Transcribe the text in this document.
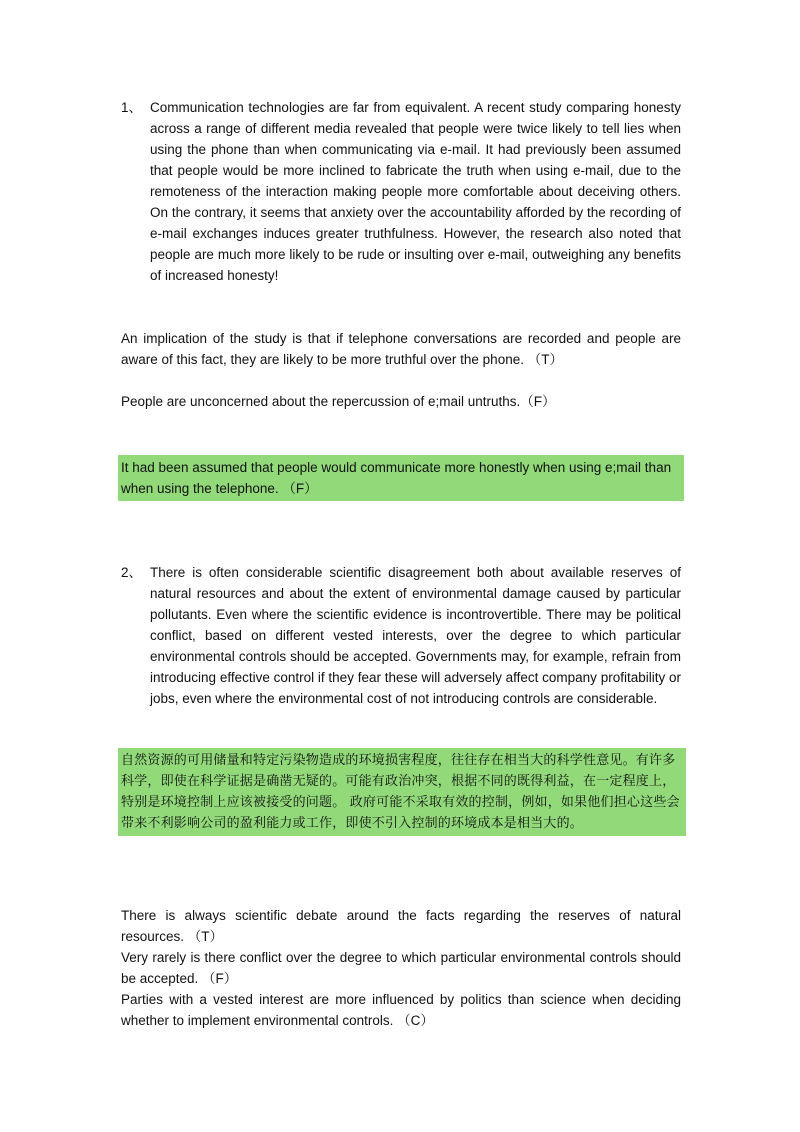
1、 Communication technologies are far from equivalent. A recent study comparing honesty across a range of different media revealed that people were twice likely to tell lies when using the phone than when communicating via e-mail. It had previously been assumed that people would be more inclined to fabricate the truth when using e-mail, due to the remoteness of the interaction making people more comfortable about deceiving others. On the contrary, it seems that anxiety over the accountability afforded by the recording of e-mail exchanges induces greater truthfulness. However, the research also noted that people are much more likely to be rude or insulting over e-mail, outweighing any benefits of increased honesty!

An implication of the study is that if telephone conversations are recorded and people are aware of this fact, they are likely to be more truthful over the phone. （T）

People are unconcerned about the repercussion of e;mail untruths.（F）

It had been assumed that people would communicate more honestly when using e;mail than when using the telephone. （F）

2、 There is often considerable scientific disagreement both about available reserves of natural resources and about the extent of environmental damage caused by particular pollutants. Even where the scientific evidence is incontrovertible. There may be political conflict, based on different vested interests, over the degree to which particular environmental controls should be accepted. Governments may, for example, refrain from introducing effective control if they fear these will adversely affect company profitability or jobs, even where the environmental cost of not introducing controls are considerable.

自然资源的可用储量和特定污染物造成的环境损害程度，往往存在相当大的科学性意见。有许多科学，即使在科学证据是确凿无疑的。可能有政治冲突，根据不同的既得利益，在一定程度上，特别是环境控制上应该被接受的问题。 政府可能不采取有效的控制，例如，如果他们担心这些会带来不利影响公司的盈利能力或工作，即使不引入控制的环境成本是相当大的。

There is always scientific debate around the facts regarding the reserves of natural resources. （T）

Very rarely is there conflict over the degree to which particular environmental controls should be accepted. （F）

Parties with a vested interest are more influenced by politics than science when deciding whether to implement environmental controls. （C）
